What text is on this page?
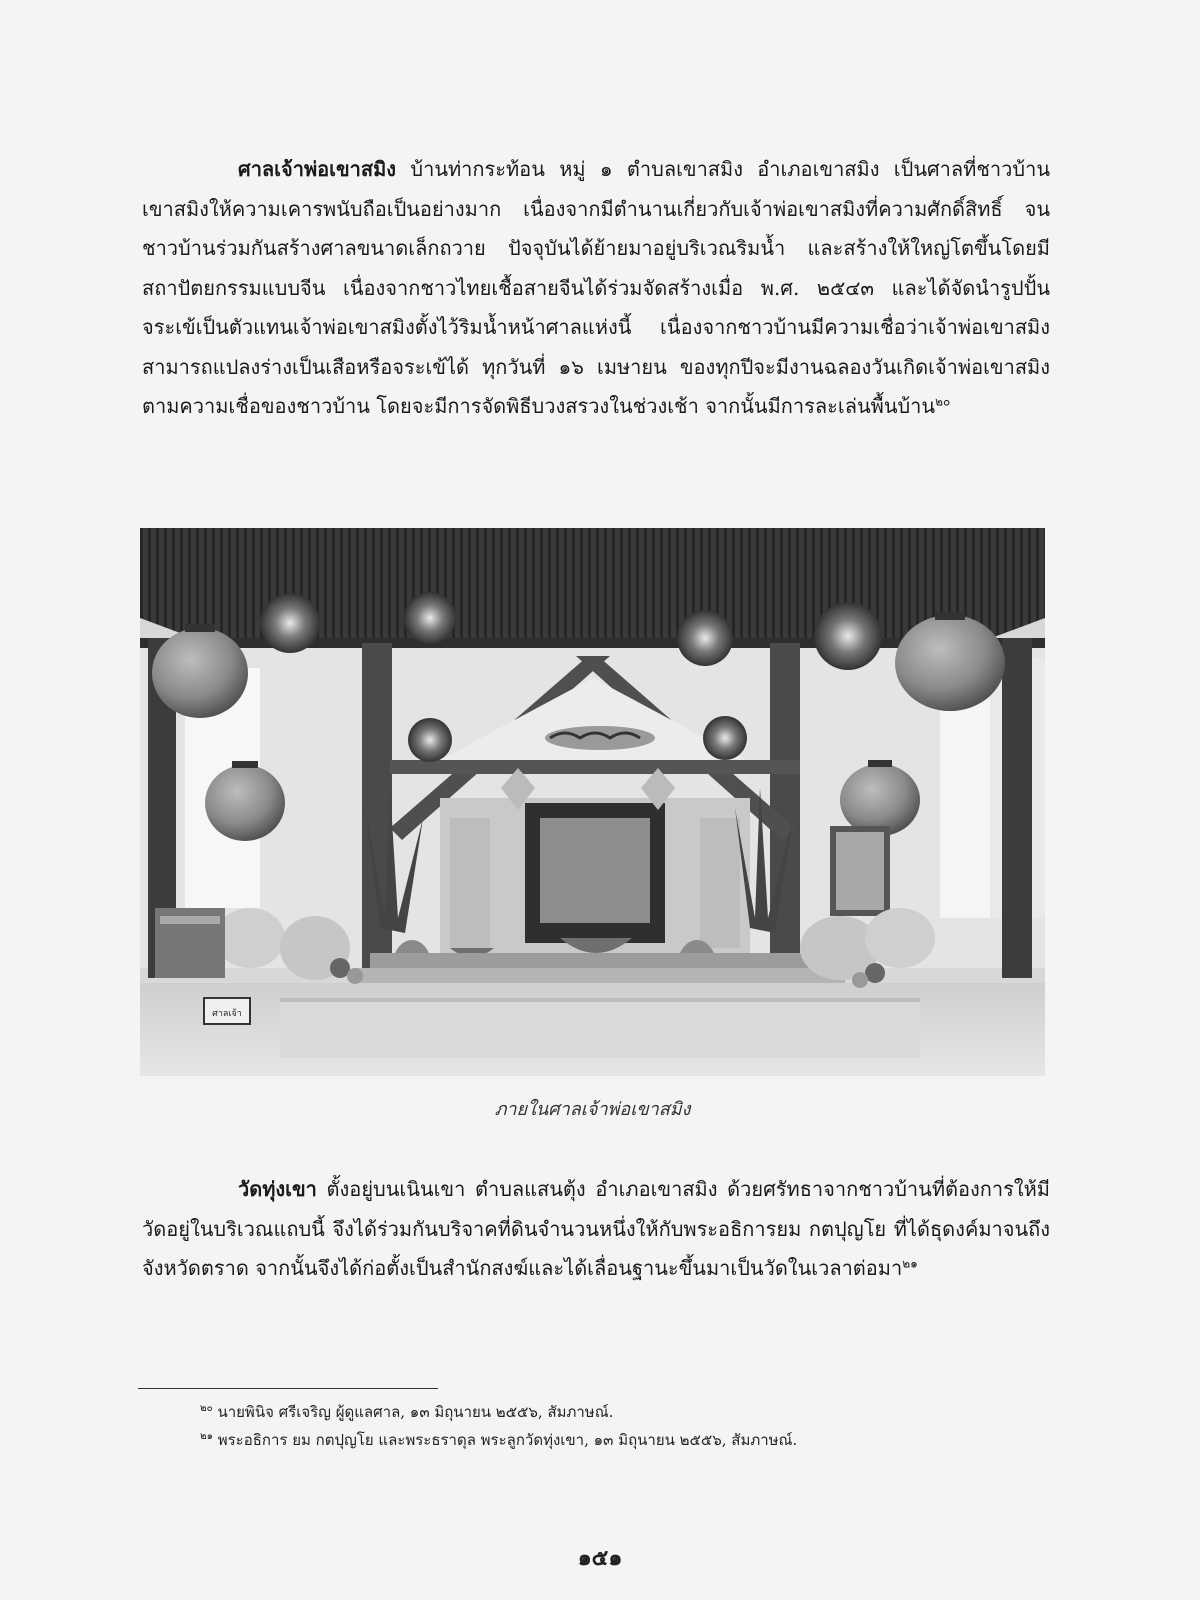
ศาลเจ้าพ่อเขาสมิง บ้านท่ากระท้อน หมู่ ๑ ตำบลเขาสมิง อำเภอเขาสมิง เป็นศาลที่ชาวบ้านเขาสมิงให้ความเคารพนับถือเป็นอย่างมาก เนื่องจากมีตำนานเกี่ยวกับเจ้าพ่อเขาสมิงที่ความศักดิ์สิทธิ์ จนชาวบ้านร่วมกันสร้างศาลขนาดเล็กถวาย ปัจจุบันได้ย้ายมาอยู่บริเวณริมน้ำ และสร้างให้ใหญ่โตขึ้นโดยมีสถาปัตยกรรมแบบจีน เนื่องจากชาวไทยเชื้อสายจีนได้ร่วมจัดสร้างเมื่อ พ.ศ. ๒๕๔๓ และได้จัดนำรูปปั้นจระเข้เป็นตัวแทนเจ้าพ่อเขาสมิงตั้งไว้ริมน้ำหน้าศาลแห่งนี้ เนื่องจากชาวบ้านมีความเชื่อว่าเจ้าพ่อเขาสมิงสามารถแปลงร่างเป็นเสือหรือจระเข้ได้ ทุกวันที่ ๑๖ เมษายน ของทุกปีจะมีงานฉลองวันเกิดเจ้าพ่อเขาสมิง ตามความเชื่อของชาวบ้าน โดยจะมีการจัดพิธีบวงสรวงในช่วงเช้า จากนั้นมีการละเล่นพื้นบ้าน$^{๒๐}$

ศาลเจ้า
ภายในศาลเจ้าพ่อเขาสมิง

วัดทุ่งเขา ตั้งอยู่บนเนินเขา ตำบลแสนตุ้ง อำเภอเขาสมิง ด้วยศรัทธาจากชาวบ้านที่ต้องการให้มีวัดอยู่ในบริเวณแถบนี้ จึงได้ร่วมกันบริจาคที่ดินจำนวนหนึ่งให้กับพระอธิการยม กตปุญโย ที่ได้ธุดงค์มาจนถึงจังหวัดตราด จากนั้นจึงได้ก่อตั้งเป็นสำนักสงฆ์และได้เลื่อนฐานะขึ้นมาเป็นวัดในเวลาต่อมา$^{๒๑}$

$^{๒๐}$ นายพินิจ ศรีเจริญ ผู้ดูแลศาล, ๑๓ มิถุนายน ๒๕๕๖, สัมภาษณ์.

$^{๒๑}$ พระอธิการ ยม กตปุญโย และพระธราดุล พระลูกวัดทุ่งเขา, ๑๓ มิถุนายน ๒๕๕๖, สัมภาษณ์.

๑๕๑
